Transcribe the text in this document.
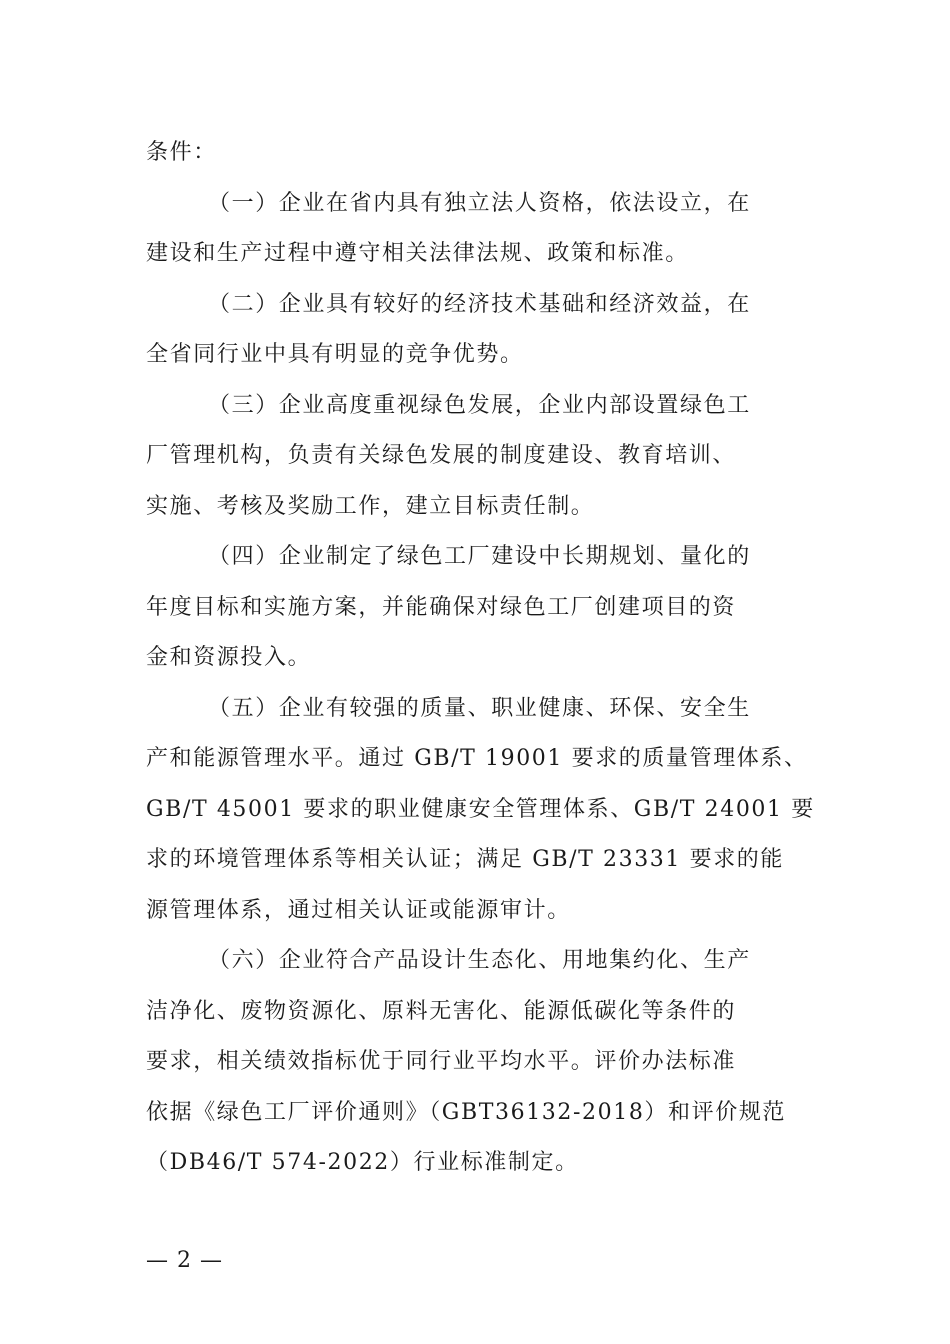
条件：
（一）企业在省内具有独立法人资格，依法设立，在
建设和生产过程中遵守相关法律法规、政策和标准。
（二）企业具有较好的经济技术基础和经济效益，在
全省同行业中具有明显的竞争优势。
（三）企业高度重视绿色发展，企业内部设置绿色工
厂管理机构，负责有关绿色发展的制度建设、教育培训、
实施、考核及奖励工作，建立目标责任制。
（四）企业制定了绿色工厂建设中长期规划、量化的
年度目标和实施方案，并能确保对绿色工厂创建项目的资
金和资源投入。
（五）企业有较强的质量、职业健康、环保、安全生
产和能源管理水平。通过 GB/T 19001 要求的质量管理体系、
GB/T 45001 要求的职业健康安全管理体系、GB/T 24001 要
求的环境管理体系等相关认证；满足 GB/T 23331 要求的能
源管理体系，通过相关认证或能源审计。
（六）企业符合产品设计生态化、用地集约化、生产
洁净化、废物资源化、原料无害化、能源低碳化等条件的
要求，相关绩效指标优于同行业平均水平。评价办法标准
依据《绿色工厂评价通则》（GBT36132-2018）和评价规范
（DB46/T 574-2022）行业标准制定。
— 2 —
